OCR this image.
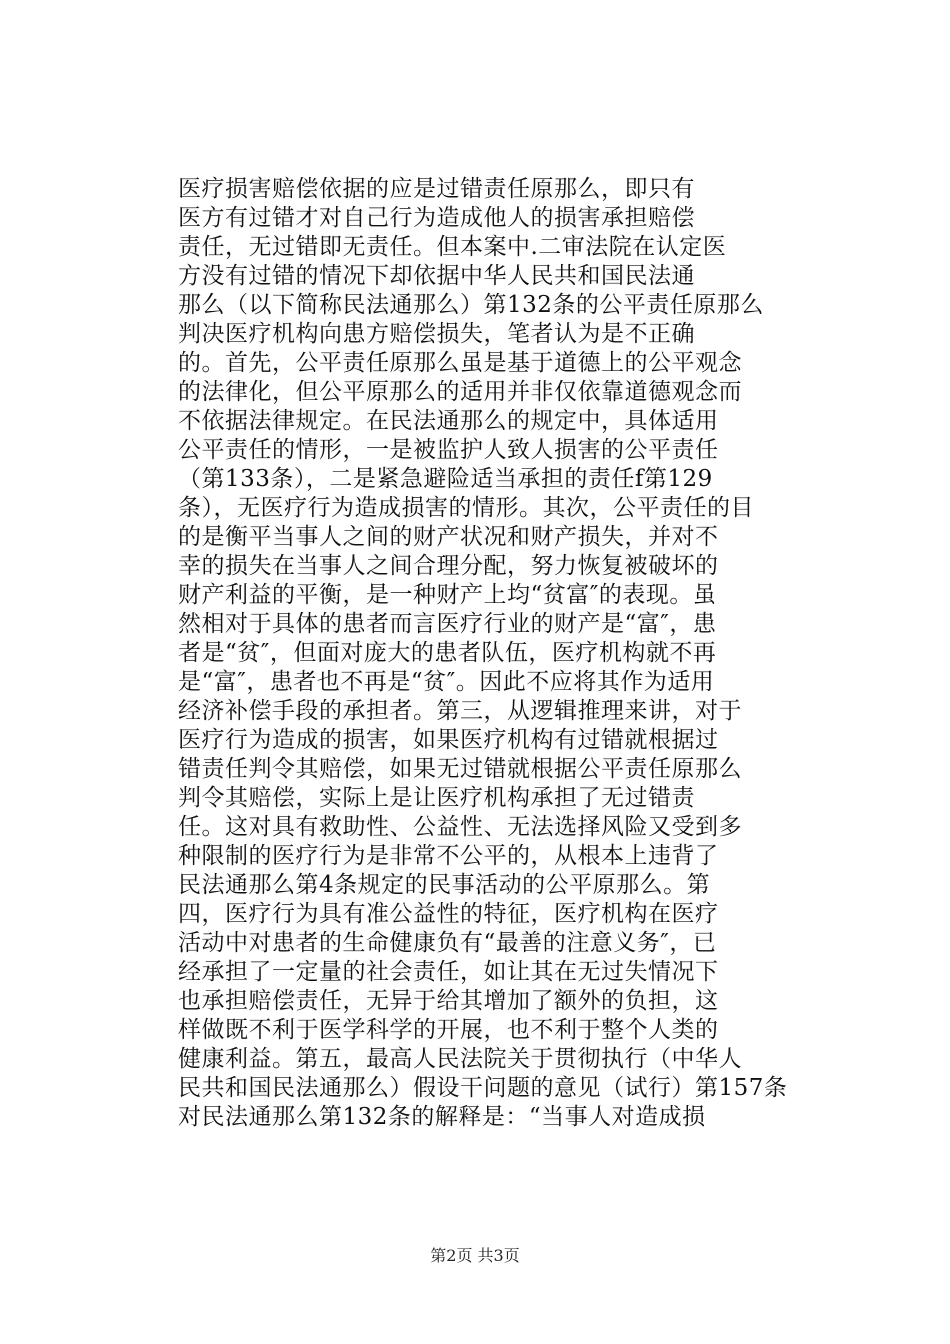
医疗损害赔偿依据的应是过错责任原那么，即只有
医方有过错才对自己行为造成他人的损害承担赔偿
责任，无过错即无责任。但本案中.二审法院在认定医
方没有过错的情况下却依据中华人民共和国民法通
那么（以下简称民法通那么）第132条的公平责任原那么
判决医疗机构向患方赔偿损失，笔者认为是不正确
的。首先，公平责任原那么虽是基于道德上的公平观念
的法律化，但公平原那么的适用并非仅依靠道德观念而
不依据法律规定。在民法通那么的规定中，具体适用
公平责任的情形，一是被监护人致人损害的公平责任
（第133条），二是紧急避险适当承担的责任f第129
条），无医疗行为造成损害的情形。其次，公平责任的目
的是衡平当事人之间的财产状况和财产损失，并对不
幸的损失在当事人之间合理分配，努力恢复被破坏的
财产利益的平衡，是一种财产上均“贫富″的表现。虽
然相对于具体的患者而言医疗行业的财产是“富″，患
者是“贫″，但面对庞大的患者队伍，医疗机构就不再
是“富″，患者也不再是“贫″。因此不应将其作为适用
经济补偿手段的承担者。第三，从逻辑推理来讲，对于
医疗行为造成的损害，如果医疗机构有过错就根据过
错责任判令其赔偿，如果无过错就根据公平责任原那么
判令其赔偿，实际上是让医疗机构承担了无过错责
任。这对具有救助性、公益性、无法选择风险又受到多
种限制的医疗行为是非常不公平的，从根本上违背了
民法通那么第4条规定的民事活动的公平原那么。第
四，医疗行为具有准公益性的特征，医疗机构在医疗
活动中对患者的生命健康负有“最善的注意义务″，已
经承担了一定量的社会责任，如让其在无过失情况下
也承担赔偿责任，无异于给其增加了额外的负担，这
样做既不利于医学科学的开展，也不利于整个人类的
健康利益。第五，最高人民法院关于贯彻执行（中华人
民共和国民法通那么）假设干问题的意见（试行）第157条
对民法通那么第132条的解释是：“当事人对造成损
第2页 共3页
